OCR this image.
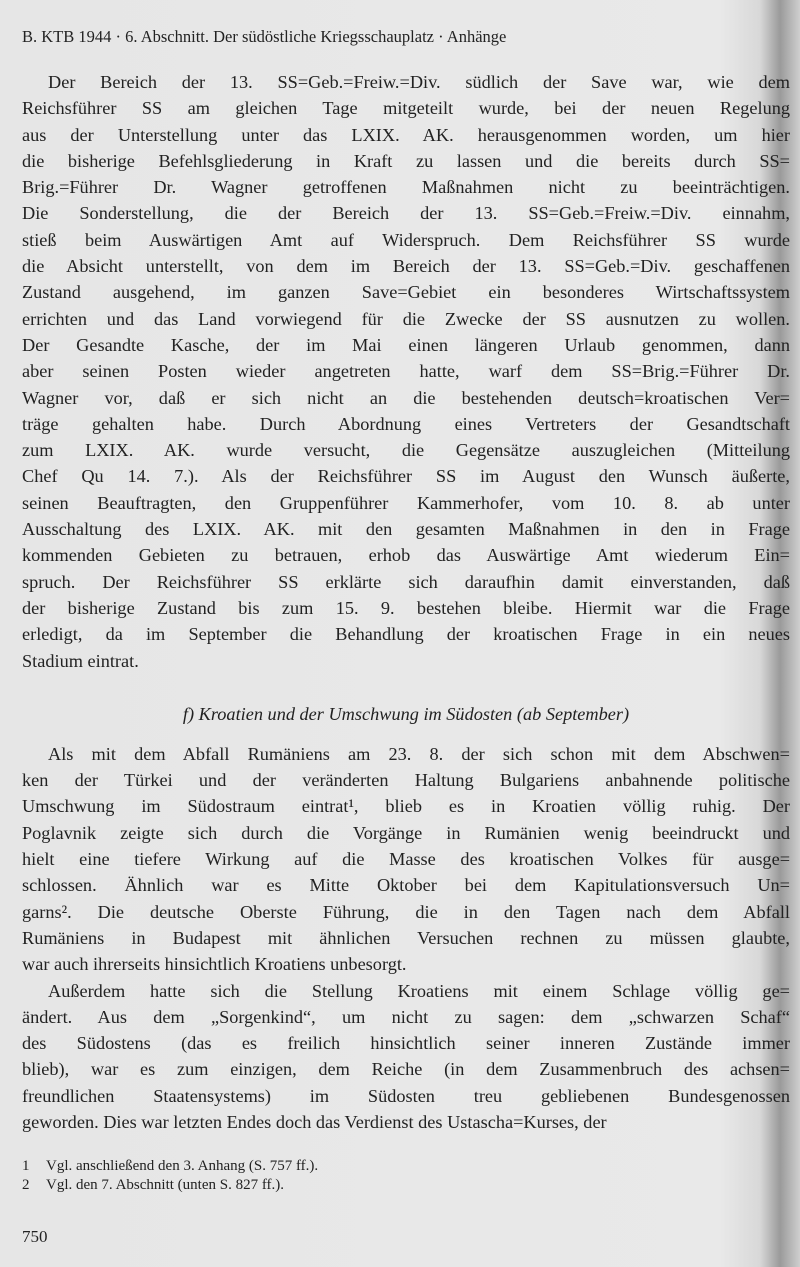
B. KTB 1944 · 6. Abschnitt. Der südöstliche Kriegsschauplatz · Anhänge
Der Bereich der 13. SS=Geb.=Freiw.=Div. südlich der Save war, wie dem
Reichsführer SS am gleichen Tage mitgeteilt wurde, bei der neuen Regelung
aus der Unterstellung unter das LXIX. AK. herausgenommen worden, um hier
die bisherige Befehlsgliederung in Kraft zu lassen und die bereits durch SS=
Brig.=Führer Dr. Wagner getroffenen Maßnahmen nicht zu beeinträchtigen.
Die Sonderstellung, die der Bereich der 13. SS=Geb.=Freiw.=Div. einnahm,
stieß beim Auswärtigen Amt auf Widerspruch. Dem Reichsführer SS wurde
die Absicht unterstellt, von dem im Bereich der 13. SS=Geb.=Div. geschaffenen
Zustand ausgehend, im ganzen Save=Gebiet ein besonderes Wirtschaftssystem
errichten und das Land vorwiegend für die Zwecke der SS ausnutzen zu wollen.
Der Gesandte Kasche, der im Mai einen längeren Urlaub genommen, dann
aber seinen Posten wieder angetreten hatte, warf dem SS=Brig.=Führer Dr.
Wagner vor, daß er sich nicht an die bestehenden deutsch=kroatischen Ver=
träge gehalten habe. Durch Abordnung eines Vertreters der Gesandtschaft
zum LXIX. AK. wurde versucht, die Gegensätze auszugleichen (Mitteilung
Chef Qu 14. 7.). Als der Reichsführer SS im August den Wunsch äußerte,
seinen Beauftragten, den Gruppenführer Kammerhofer, vom 10. 8. ab unter
Ausschaltung des LXIX. AK. mit den gesamten Maßnahmen in den in Frage
kommenden Gebieten zu betrauen, erhob das Auswärtige Amt wiederum Ein=
spruch. Der Reichsführer SS erklärte sich daraufhin damit einverstanden, daß
der bisherige Zustand bis zum 15. 9. bestehen bleibe. Hiermit war die Frage
erledigt, da im September die Behandlung der kroatischen Frage in ein neues
Stadium eintrat.
f) Kroatien und der Umschwung im Südosten (ab September)
Als mit dem Abfall Rumäniens am 23. 8. der sich schon mit dem Abschwen=
ken der Türkei und der veränderten Haltung Bulgariens anbahnende politische
Umschwung im Südostraum eintrat¹, blieb es in Kroatien völlig ruhig. Der
Poglavnik zeigte sich durch die Vorgänge in Rumänien wenig beeindruckt und
hielt eine tiefere Wirkung auf die Masse des kroatischen Volkes für ausge=
schlossen. Ähnlich war es Mitte Oktober bei dem Kapitulationsversuch Un=
garns². Die deutsche Oberste Führung, die in den Tagen nach dem Abfall
Rumäniens in Budapest mit ähnlichen Versuchen rechnen zu müssen glaubte,
war auch ihrerseits hinsichtlich Kroatiens unbesorgt.
Außerdem hatte sich die Stellung Kroatiens mit einem Schlage völlig ge=
ändert. Aus dem „Sorgenkind“, um nicht zu sagen: dem „schwarzen Schaf“
des Südostens (das es freilich hinsichtlich seiner inneren Zustände immer
blieb), war es zum einzigen, dem Reiche (in dem Zusammenbruch des achsen=
freundlichen Staatensystems) im Südosten treu gebliebenen Bundesgenossen
geworden. Dies war letzten Endes doch das Verdienst des Ustascha=Kurses, der
1 Vgl. anschließend den 3. Anhang (S. 757 ff.).
2 Vgl. den 7. Abschnitt (unten S. 827 ff.).
750
